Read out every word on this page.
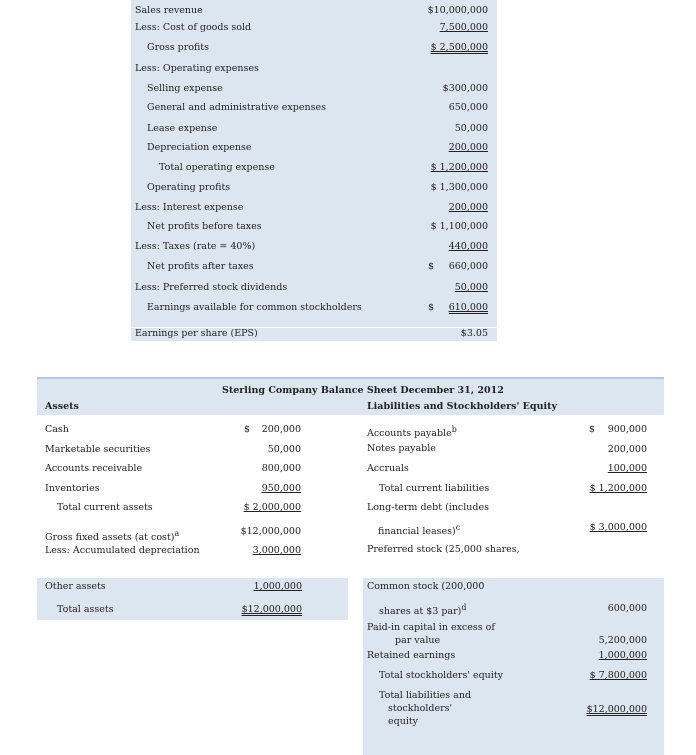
Sales revenue	$10,000,000
Less: Cost of goods sold	7,500,000
Gross profits	$ 2,500,000
Less: Operating expenses
Selling expense	$300,000
General and administrative expenses	650,000
Lease expense	50,000
Depreciation expense	200,000
Total operating expense	$ 1,200,000
Operating profits	$ 1,300,000
Less: Interest expense	200,000
Net profits before taxes	$ 1,100,000
Less: Taxes (rate = 40%)	440,000
Net profits after taxes	$ 660,000
Less: Preferred stock dividends	50,000
Earnings available for common stockholders	$ 610,000
Earnings per share (EPS)	$3.05
Sterling Company Balance Sheet December 31, 2012
Assets	Liabilities and Stockholders' Equity
Cash	$ 200,000
Marketable securities	50,000
Accounts receivable	800,000
Inventories	950,000
Total current assets	$ 2,000,000
Gross fixed assets (at cost)$^a$	$12,000,000
Less: Accumulated depreciation	3,000,000
Accounts payable$^b$	$ 900,000
Notes payable	200,000
Accruals	100,000
Total current liabilities	$ 1,200,000
Long-term debt (includes
financial leases)$^c$	$ 3,000,000
Preferred stock (25,000 shares,
Other assets	1,000,000
Total assets	$12,000,000
Common stock (200,000
shares at $3 par)$^d$	600,000
Paid-in capital in excess of
par value	5,200,000
Retained earnings	1,000,000
Total stockholders' equity	$ 7,800,000
Total liabilities and
stockholders'	$12,000,000
equity
